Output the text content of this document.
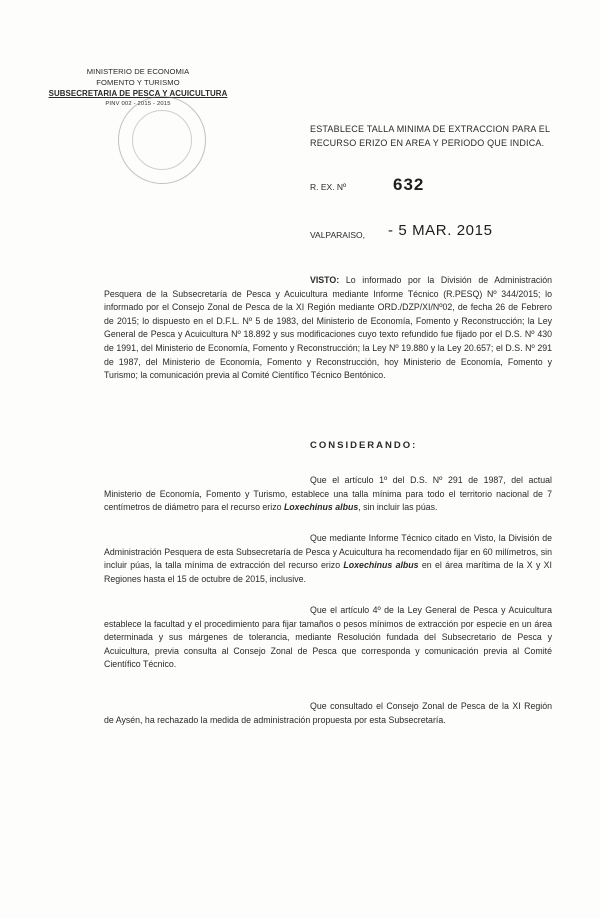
MINISTERIO DE ECONOMIA
FOMENTO Y TURISMO
SUBSECRETARIA DE PESCA Y ACUICULTURA
PINV 002 - 2015 - 2015
ESTABLECE TALLA MINIMA DE EXTRACCION PARA EL RECURSO ERIZO EN AREA Y PERIODO QUE INDICA.
R. EX. Nº	632
VALPARAISO, - 5 MAR. 2015

VISTO: Lo informado por la División de Administración Pesquera de la Subsecretaría de Pesca y Acuicultura mediante Informe Técnico (R.PESQ) Nº 344/2015; lo informado por el Consejo Zonal de Pesca de la XI Región mediante ORD./DZP/XI/Nº02, de fecha 26 de Febrero de 2015; lo dispuesto en el D.F.L. Nº 5 de 1983, del Ministerio de Economía, Fomento y Reconstrucción; la Ley General de Pesca y Acuicultura Nº 18.892 y sus modificaciones cuyo texto refundido fue fijado por el D.S. Nº 430 de 1991, del Ministerio de Economía, Fomento y Reconstrucción; la Ley Nº 19.880 y la Ley 20.657; el D.S. Nº 291 de 1987, del Ministerio de Economía, Fomento y Reconstrucción, hoy Ministerio de Economía, Fomento y Turismo; la comunicación previa al Comité Científico Técnico Bentónico.

CONSIDERANDO:

Que el artículo 1º del D.S. Nº 291 de 1987, del actual Ministerio de Economía, Fomento y Turismo, establece una talla mínima para todo el territorio nacional de 7 centímetros de diámetro para el recurso erizo Loxechinus albus, sin incluir las púas.

Que mediante Informe Técnico citado en Visto, la División de Administración Pesquera de esta Subsecretaría de Pesca y Acuicultura ha recomendado fijar en 60 milímetros, sin incluir púas, la talla mínima de extracción del recurso erizo Loxechinus albus en el área marítima de la X y XI Regiones hasta el 15 de octubre de 2015, inclusive.

Que el artículo 4º de la Ley General de Pesca y Acuicultura establece la facultad y el procedimiento para fijar tamaños o pesos mínimos de extracción por especie en un área determinada y sus márgenes de tolerancia, mediante Resolución fundada del Subsecretario de Pesca y Acuicultura, previa consulta al Consejo Zonal de Pesca que corresponda y comunicación previa al Comité Científico Técnico.

Que consultado el Consejo Zonal de Pesca de la XI Región de Aysén, ha rechazado la medida de administración propuesta por esta Subsecretaría.
